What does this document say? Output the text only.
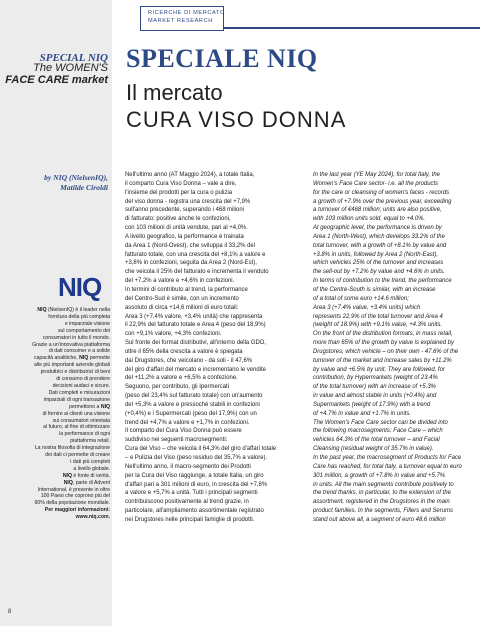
RICERCHE DI MERCATO
MARKET RESEARCH
SPECIAL NIQ
The WOMEN'S
FACE CARE market
by NIQ (NielsenIQ),
Matilde Ciroldi
NIQ
NIQ (NielsenIQ) è il leader nella
fornitura della più completa
e imparziale visione
sul comportamento dei
consumatori in tutto il mondo.
Grazie a un'innovativa piattaforma
di dati consumer e a solide
capacità analitiche, NIQ permette
alle più importanti aziende globali
produttrici e distributrici di beni
di consumo di prendere
decisioni audaci e sicure.
Dati completi e misurazioni
imparziali di ogni transazione
permettono a NIQ
di fornire ai clienti una visione
sui consumatori orientata
al futuro, al fine di ottimizzare
la performance di ogni
piattaforma retail.
La nostra filosofia di integrazione
dei dati ci permette di creare
i dati più completi
a livello globale.
NIQ è fonte di verità.
NIQ, parte di Advent
International, è presente in oltre
100 Paesi che coprono più del
90% della popolazione mondiale.
Per maggiori informazioni:
www.niq.com.
8
SPECIALE NIQ
Il mercato
CURA VISO DONNA
Nell'ultimo anno (AT Maggio 2024), a totale Italia,
il comparto Cura Viso Donna – vale a dire,
l'insieme dei prodotti per la cura o pulizia
del viso donna - registra una crescita del +7,9%
sull'anno precedente, superando i 468 milioni
di fatturato; positive anche le confezioni,
con 103 milioni di unità vendute, pari al +4,0%.
A livello geografico, la performance è trainata
da Area 1 (Nord-Ovest), che sviluppa il 33,2% del
fatturato totale, con una crescita del +8,1% a valore e
+3,8% in confezioni, seguita da Area 2 (Nord-Est),
che veicola il 25% del fatturato e incrementa il venduto
del +7,2% a valore e +4,6% in confezioni.
In termini di contributo al trend, la performance
del Centro-Sud è simile, con un incremento
assoluto di circa +14,6 milioni di euro totali:
Area 3 (+7,4% valore, +3,4% unità) che rappresenta
il 22,9% del fatturato totale e Area 4 (peso del 18,9%)
con +9,1% valore, +4,3% confezioni.
Sul fronte dei format distributivi, all'interno della GDO,
oltre il 65% della crescita a valore è spiegata
dai Drugstores, che veicolano - da soli - il 47,6%
del giro d'affari del mercato e incrementano le vendite
del +11,2% a valore e +6,5% a confezione.
Seguono, per contributo, gli Ipermercati
(peso del 23,4% sul fatturato totale) con un'aumento
del +5,3% a valore e pressoché stabili in confezioni
(+0,4%) e i Supermercati (peso del 17,9%) con un
trend del +4,7% a valore e +1,7% in confezioni.
Il comparto del Cura Viso Donna può essere
suddiviso nei seguenti macrosegmenti:
Cura del Viso – che veicola il 64,3% del giro d'affari totale
– e Pulizia del Viso (peso residuo del 35,7% a valore).
Nell'ultimo anno, il macro-segmento dei Prodotti
per la Cura del Viso raggiunge, a totale Italia, un giro
d'affari pari a 301 milioni di euro, in crescita del +7,8%
a valore e +5,7% a unità. Tutti i principali segmenti
contribuiscono positivamente al trend grazie, in
particolare, all'ampliamento assortimentale registrato
nei Drugstores nelle principali famiglie di prodotti.
In the last year (YE May 2024), for total Italy, the
Women's Face Care sector- i.e. all the products
for the care or cleansing of women's faces - records
a growth of +7.9% over the previous year, exceeding
a turnover of €468 million; units are also positive,
with 103 million units sold, equal to +4.0%.
At geographic level, the performance is driven by
Area 1 (North-West), which develops 33.2% of the
total turnover, with a growth of +8.1% by value and
+3.8% in units, followed by Area 2 (North-East),
which vehicles 25% of the turnover and increases
the sell-out by +7.2% by value and +4.6% in units.
In terms of contribution to the trend, the performance
of the Centre-South is similar, with an increase
of a total of some euro +14.6 million;
Area 3 (+7.4% value, +3.4% units) which
represents 22.9% of the total turnover and Area 4
(weight of 18.9%) with +9.1% value, +4.3% units.
On the front of the distribution formats, in mass retail,
more than 65% of the growth by value is explained by
Drugstores, which vehicle – on their own - 47.6% of the
turnover of the market and increase sales by +11.2%
by value and +6.5% by unit. They are followed, for
contribution, by Hypermarkets (weight of 23.4%
of the total turnover) with an increase of +5.3%
in value and almost stable in units (+0.4%) and
Supermarkets (weight of 17.9%) with a trend
of +4.7% in value and +1.7% in units.
The Women's Face Care sector can be divided into
the following macrosegments: Face Care – which
vehicles 64.3% of the total turnover – and Facial
Cleansing (residual weight of 35.7% in value).
In the past year, the macrosegment of Products for Face
Care has reached, for total Italy, a turnover equal to euro
301 million, a growth of +7.8% in value and +5.7%
in units. All the main segments contribute positively to
the trend thanks, in particular, to the extension of the
assortment, registered in the Drugstores in the main
product families. In the segments, Fillers and Serums
stand out above all, a segment of euro 48.6 million
